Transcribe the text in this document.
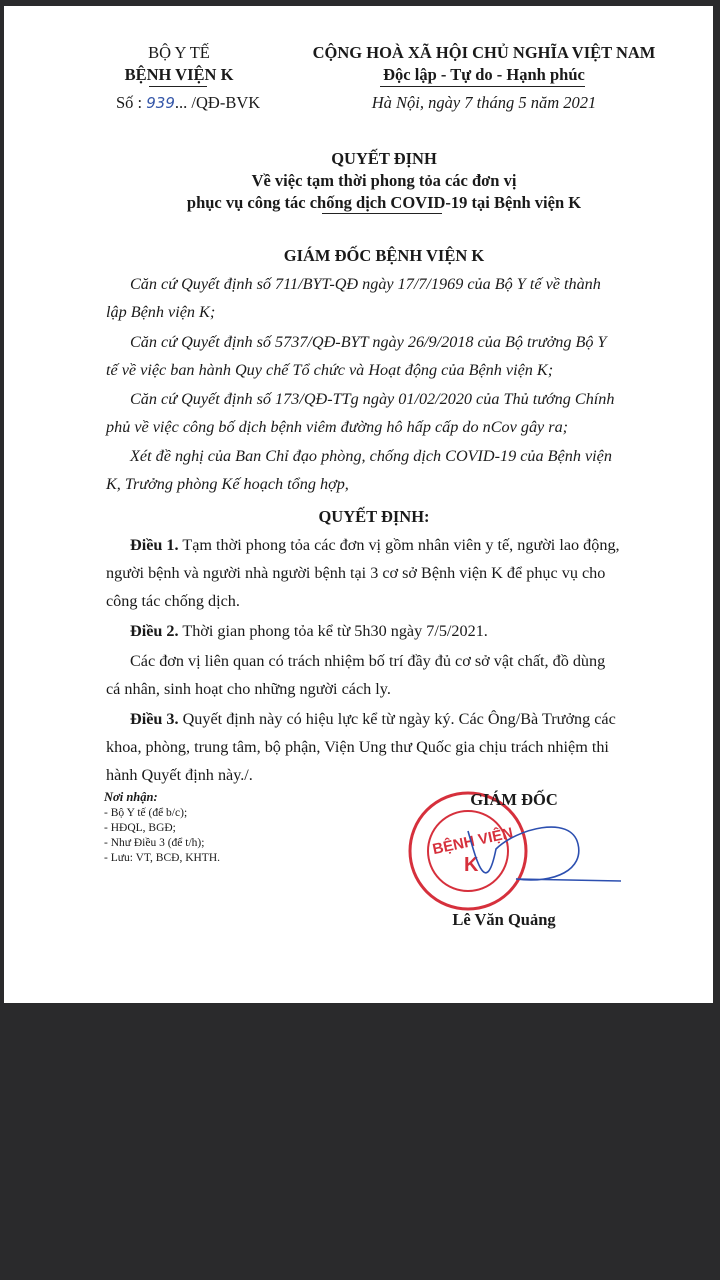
BỘ Y TẾ
BỆNH VIỆN K
Số : 939... /QĐ-BVK
CỘNG HOÀ XÃ HỘI CHỦ NGHĨA VIỆT NAM
Độc lập - Tự do - Hạnh phúc
Hà Nội, ngày 7 tháng 5 năm 2021
QUYẾT ĐỊNH
Về việc tạm thời phong tỏa các đơn vị
phục vụ công tác chống dịch COVID-19 tại Bệnh viện K
GIÁM ĐỐC BỆNH VIỆN K
Căn cứ Quyết định số 711/BYT-QĐ ngày 17/7/1969 của Bộ Y tế về thành
lập Bệnh viện K;
Căn cứ Quyết định số 5737/QĐ-BYT ngày 26/9/2018 của Bộ trưởng Bộ Y
tế về việc ban hành Quy chế Tổ chức và Hoạt động của Bệnh viện K;
Căn cứ Quyết định số 173/QĐ-TTg ngày 01/02/2020 của Thủ tướng Chính
phủ về việc công bố dịch bệnh viêm đường hô hấp cấp do nCov gây ra;
Xét đề nghị của Ban Chỉ đạo phòng, chống dịch COVID-19 của Bệnh viện
K, Trưởng phòng Kế hoạch tổng hợp,
QUYẾT ĐỊNH:
Điều 1. Tạm thời phong tỏa các đơn vị gồm nhân viên y tế, người lao động,
người bệnh và người nhà người bệnh tại 3 cơ sở Bệnh viện K để phục vụ cho
công tác chống dịch.
Điều 2. Thời gian phong tỏa kể từ 5h30 ngày 7/5/2021.
Các đơn vị liên quan có trách nhiệm bố trí đầy đủ cơ sở vật chất, đồ dùng
cá nhân, sinh hoạt cho những người cách ly.
Điều 3. Quyết định này có hiệu lực kể từ ngày ký. Các Ông/Bà Trưởng các
khoa, phòng, trung tâm, bộ phận, Viện Ung thư Quốc gia chịu trách nhiệm thi
hành Quyết định này./.
Nơi nhận:
- Bộ Y tế (để b/c);
- HĐQL, BGĐ;
- Như Điều 3 (để t/h);
- Lưu: VT, BCĐ, KHTH.	BỆNH VIỆN
K
GIÁM ĐỐC
Lê Văn Quảng
